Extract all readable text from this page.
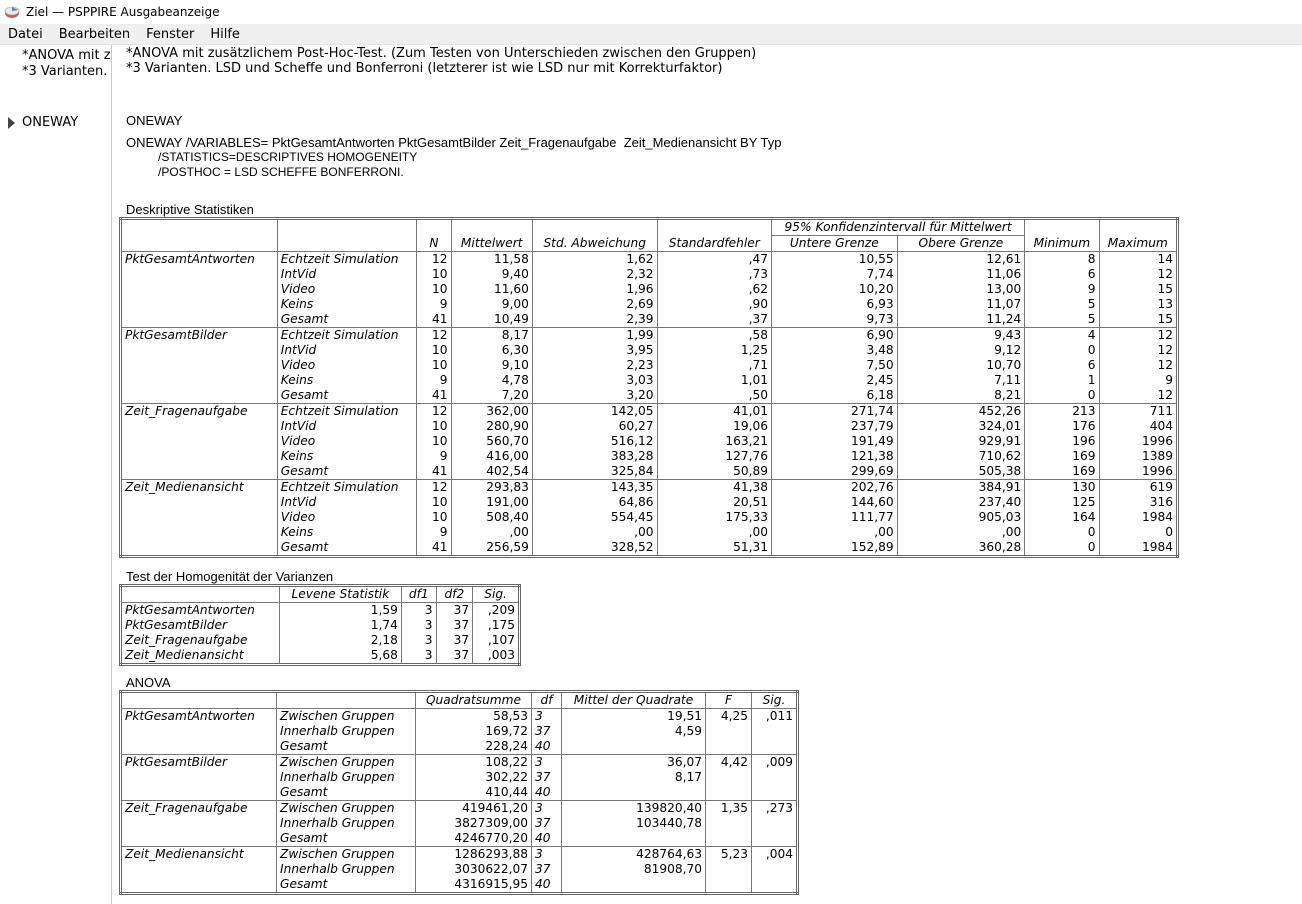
Ziel — PSPPIRE Ausgabeanzeige
Datei	Bearbeiten	Fenster	Hilfe
*ANOVA mit z
*3 Varianten.
ONEWAY
*ANOVA mit zusätzlichem Post-Hoc-Test. (Zum Testen von Unterschieden zwischen den Gruppen)
*3 Varianten. LSD und Scheffe und Bonferroni (letzterer ist wie LSD nur mit Korrekturfaktor)
ONEWAY
ONEWAY /VARIABLES= PktGesamtAntworten PktGesamtBilder Zeit_Fragenaufgabe  Zeit_Medienansicht BY Typ
/STATISTICS=DESCRIPTIVES HOMOGENEITY
/POSTHOC = LSD SCHEFFE BONFERRONI.
Deskriptive Statistiken
		N	Mittelwert	Std. Abweichung	Standardfehler	95% Konfidenzintervall für Mittelwert		Minimum	Maximum
						Untere Grenze	Obere Grenze		
PktGesamtAntworten	Echtzeit Simulation	12	11,58	1,62	,47	10,55	12,61	8	14
	IntVid	10	9,40	2,32	,73	7,74	11,06	6	12
	Video	10	11,60	1,96	,62	10,20	13,00	9	15
	Keins	9	9,00	2,69	,90	6,93	11,07	5	13
	Gesamt	41	10,49	2,39	,37	9,73	11,24	5	15
PktGesamtBilder	Echtzeit Simulation	12	8,17	1,99	,58	6,90	9,43	4	12
	IntVid	10	6,30	3,95	1,25	3,48	9,12	0	12
	Video	10	9,10	2,23	,71	7,50	10,70	6	12
	Keins	9	4,78	3,03	1,01	2,45	7,11	1	9
	Gesamt	41	7,20	3,20	,50	6,18	8,21	0	12
Zeit_Fragenaufgabe	Echtzeit Simulation	12	362,00	142,05	41,01	271,74	452,26	213	711
	IntVid	10	280,90	60,27	19,06	237,79	324,01	176	404
	Video	10	560,70	516,12	163,21	191,49	929,91	196	1996
	Keins	9	416,00	383,28	127,76	121,38	710,62	169	1389
	Gesamt	41	402,54	325,84	50,89	299,69	505,38	169	1996
Zeit_Medienansicht	Echtzeit Simulation	12	293,83	143,35	41,38	202,76	384,91	130	619
	IntVid	10	191,00	64,86	20,51	144,60	237,40	125	316
	Video	10	508,40	554,45	175,33	111,77	905,03	164	1984
	Keins	9	,00	,00	,00	,00	,00	0	0
	Gesamt	41	256,59	328,52	51,31	152,89	360,28	0	1984
Test der Homogenität der Varianzen
	Levene Statistik	df1	df2	Sig.
PktGesamtAntworten	1,59	3	37	,209
PktGesamtBilder	1,74	3	37	,175
Zeit_Fragenaufgabe	2,18	3	37	,107
Zeit_Medienansicht	5,68	3	37	,003
ANOVA
		Quadratsumme	df	Mittel der Quadrate	F	Sig.
PktGesamtAntworten	Zwischen Gruppen	58,53	3	19,51	4,25	,011
	Innerhalb Gruppen	169,72	37	4,59		
	Gesamt	228,24	40			
PktGesamtBilder	Zwischen Gruppen	108,22	3	36,07	4,42	,009
	Innerhalb Gruppen	302,22	37	8,17		
	Gesamt	410,44	40			
Zeit_Fragenaufgabe	Zwischen Gruppen	419461,20	3	139820,40	1,35	,273
	Innerhalb Gruppen	3827309,00	37	103440,78		
	Gesamt	4246770,20	40			
Zeit_Medienansicht	Zwischen Gruppen	1286293,88	3	428764,63	5,23	,004
	Innerhalb Gruppen	3030622,07	37	81908,70		
	Gesamt	4316915,95	40			
